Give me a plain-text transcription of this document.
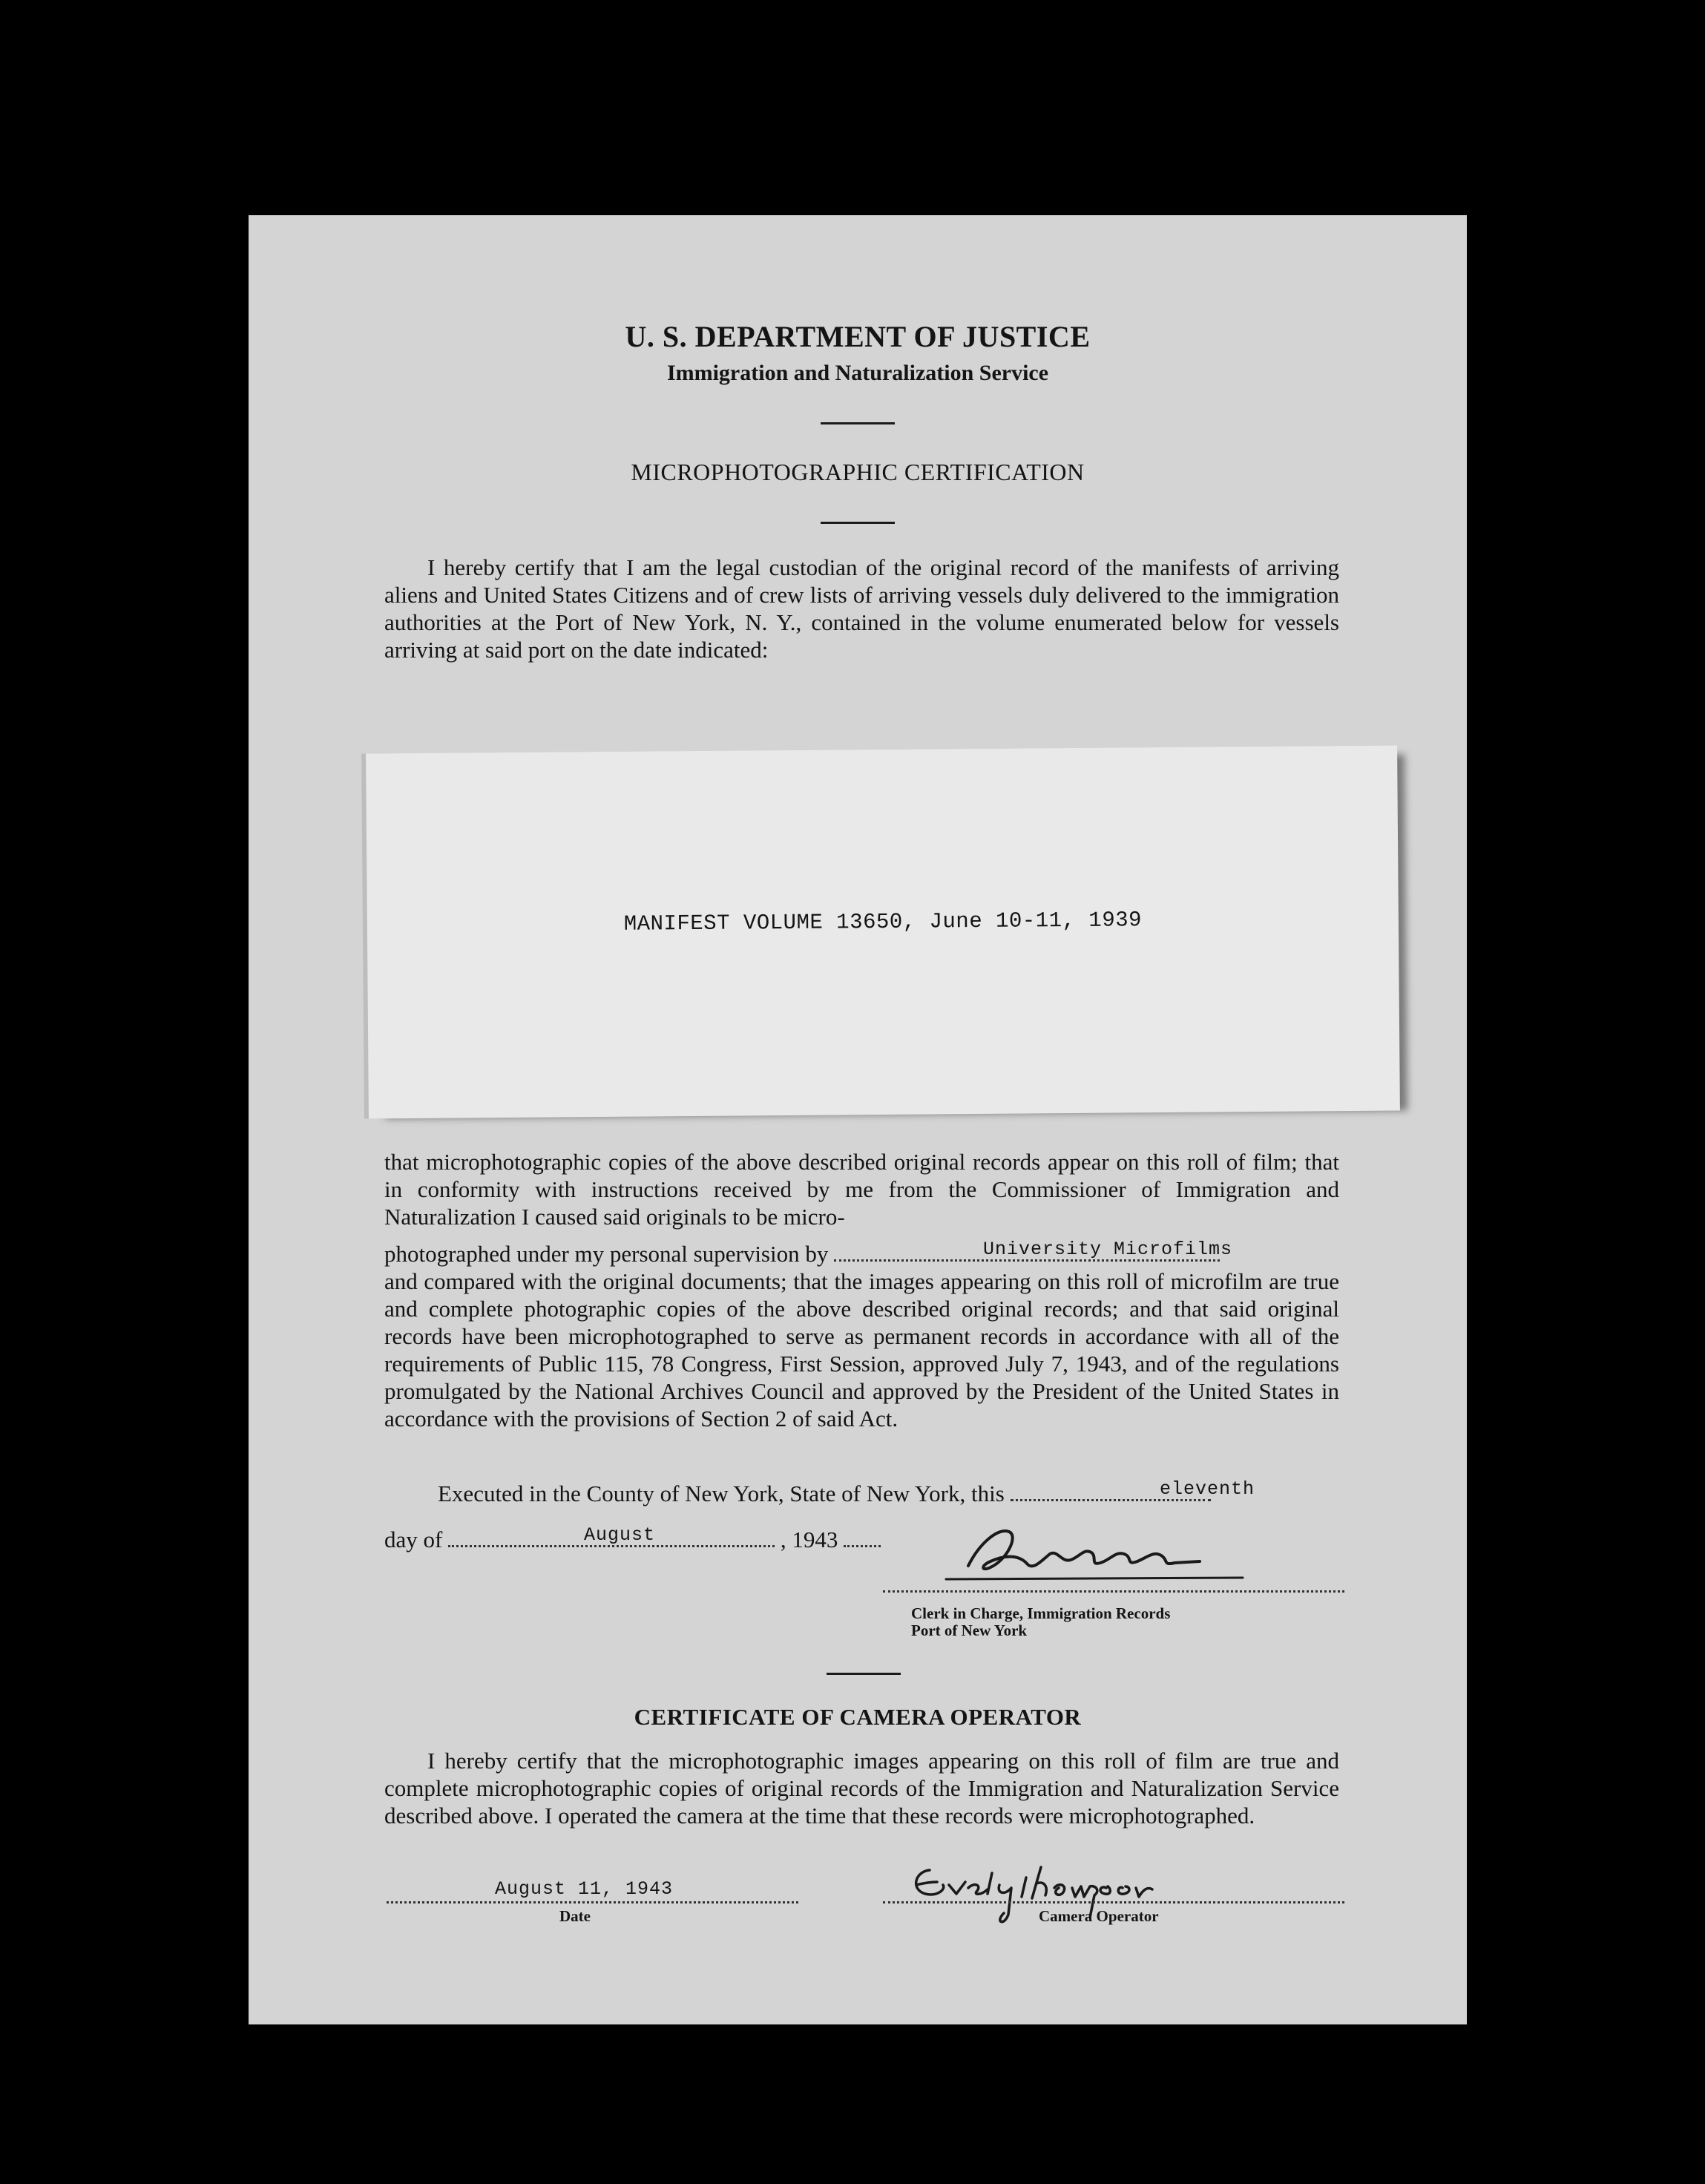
U. S. DEPARTMENT OF JUSTICE
Immigration and Naturalization Service
MICROPHOTOGRAPHIC CERTIFICATION
I hereby certify that I am the legal custodian of the original record of the manifests of arriving aliens and United States Citizens and of crew lists of arriving vessels duly delivered to the immigration authorities at the Port of New York, N. Y., contained in the volume enumerated below for vessels arriving at said port on the date indicated:
MANIFEST VOLUME 13650, June 10-11, 1939
that microphotographic copies of the above described original records appear on this roll of film; that in conformity with instructions received by me from the Commissioner of Immigration and Naturalization I caused said originals to be micro-
photographed under my personal supervision by	University Microfilms
and compared with the original documents; that the images appearing on this roll of microfilm are true and complete photographic copies of the above described original records; and that said original records have been microphotographed to serve as permanent records in accordance with all of the requirements of Public 115, 78 Congress, First Session, approved July 7, 1943, and of the regulations promulgated by the National Archives Council and approved by the President of the United States in accordance with the provisions of Section 2 of said Act.
Executed in the County of New York, State of New York, this	eleventh
day of	, 1943
August
Clerk in Charge, Immigration Records
Port of New York
CERTIFICATE OF CAMERA OPERATOR
I hereby certify that the microphotographic images appearing on this roll of film are true and complete microphotographic copies of original records of the Immigration and Naturalization Service described above. I operated the camera at the time that these records were microphotographed.
August 11, 1943
Date	Camera Operator
